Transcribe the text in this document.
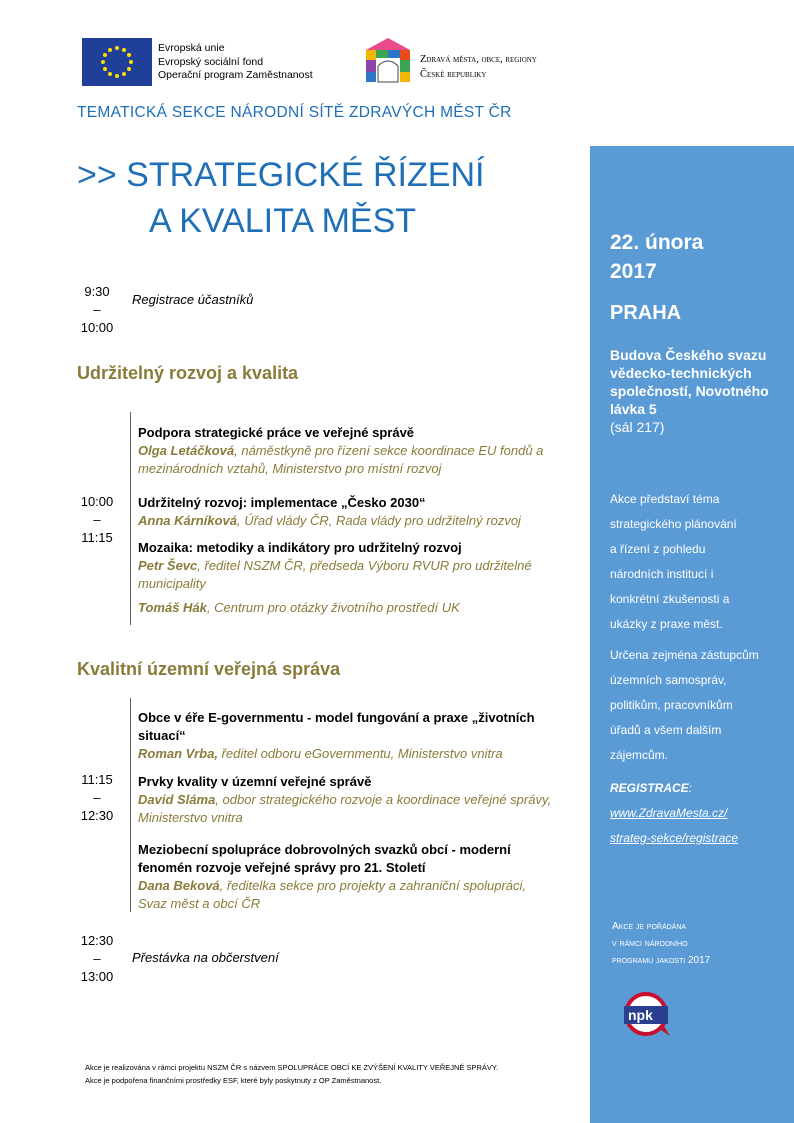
Evropská unie
Evropský sociální fond
Operační program Zaměstnanost
Zdravá města, obce, regiony
České republiky
TEMATICKÁ SEKCE NÁRODNÍ SÍTĚ ZDRAVÝCH MĚST ČR
>> STRATEGICKÉ ŘÍZENÍ
A KVALITA MĚST
9:30
–
10:00
Registrace účastníků
Udržitelný rozvoj a kvalita
10:00
–
11:15
Podpora strategické práce ve veřejné správě
Olga Letáčková, náměstkyně pro řízení sekce koordinace EU fondů a mezinárodních vztahů, Ministerstvo pro místní rozvoj
Udržitelný rozvoj: implementace „Česko 2030“
Anna Kárníková, Úřad vlády ČR, Rada vlády pro udržitelný rozvoj
Mozaika: metodiky a indikátory pro udržitelný rozvoj
Petr Ševc, ředitel NSZM ČR, předseda Výboru RVUR pro udržitelné municipality
Tomáš Hák, Centrum pro otázky životního prostředí UK
Kvalitní územní veřejná správa
11:15
–
12:30
Obce v éře E-governmentu - model fungování a praxe „životních situací“
Roman Vrba, ředitel odboru eGovernmentu, Ministerstvo vnitra
Prvky kvality v územní veřejné správě
David Sláma, odbor strategického rozvoje a koordinace veřejné správy, Ministerstvo vnitra
Meziobecní spolupráce dobrovolných svazků obcí - moderní fenomén rozvoje veřejné správy pro 21. Století
Dana Beková, ředitelka sekce pro projekty a zahraniční spolupráci, Svaz měst a obcí ČR
12:30
–
13:00
Přestávka na občerstvení
Akce je realizována v rámci projektu NSZM ČR s názvem SPOLUPRÁCE OBCÍ KE ZVÝŠENÍ KVALITY VEŘEJNÉ SPRÁVY.
Akce je podpořena finančními prostředky ESF, které byly poskytnuty z OP Zaměstnanost.
22. února
2017
PRAHA
Budova Českého svazu vědecko-technických společností, Novotného lávka 5
(sál 217)
Akce představí téma
strategického plánování
a řízení z pohledu
národních institucí i
konkrétní zkušenosti a
ukázky z praxe měst.
Určena zejména zástupcům
územních samospráv,
politikům, pracovníkům
úřadů a všem dalším
zájemcům.
REGISTRACE:
www.ZdravaMesta.cz/
strateg-sekce/registrace
Akce je pořádána
v rámci národního
programu jakosti 2017
npk
